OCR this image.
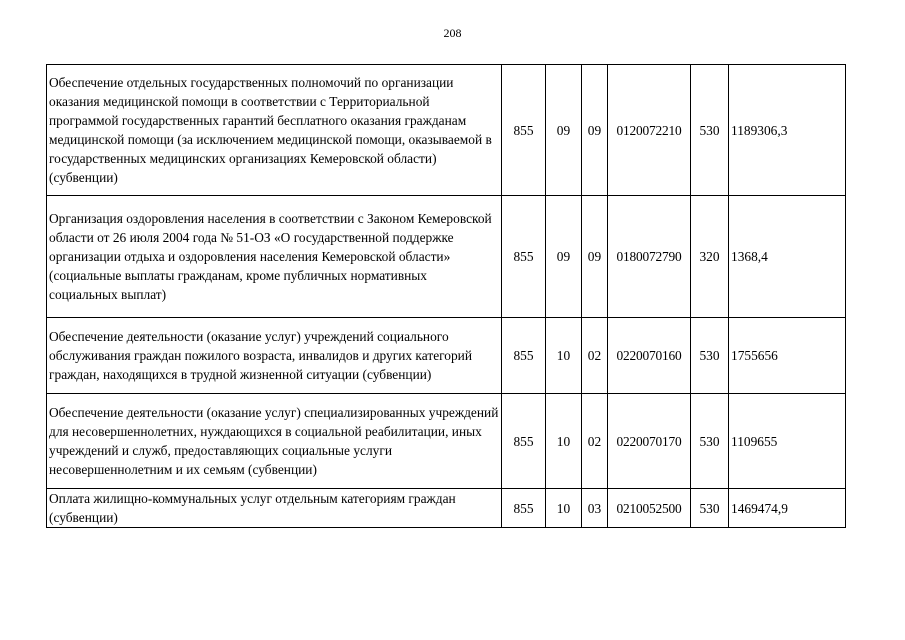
208
Обеспечение отдельных государственных полномочий по организации оказания медицинской помощи в соответствии с Территориальной программой государственных гарантий бесплатного оказания гражданам медицинской помощи (за исключением медицинской помощи, оказываемой в государственных медицинских организациях Кемеровской области) (субвенции)	855	09	09	0120072210	530	1189306,3
Организация оздоровления населения в соответствии с Законом Кемеровской области от 26 июля 2004 года № 51-ОЗ «О государственной поддержке организации отдыха и оздоровления населения Кемеровской области» (социальные выплаты гражданам, кроме публичных нормативных социальных выплат)	855	09	09	0180072790	320	1368,4
Обеспечение деятельности (оказание услуг) учреждений социального обслуживания граждан пожилого возраста, инвалидов и других категорий граждан, находящихся в трудной жизненной ситуации (субвенции)	855	10	02	0220070160	530	1755656
Обеспечение деятельности (оказание услуг) специализированных учреждений для несовершеннолетних, нуждающихся в социальной реабилитации, иных учреждений и служб, предоставляющих социальные услуги несовершеннолетним и их семьям (субвенции)	855	10	02	0220070170	530	1109655
Оплата жилищно-коммунальных услуг отдельным категориям граждан (субвенции)	855	10	03	0210052500	530	1469474,9
